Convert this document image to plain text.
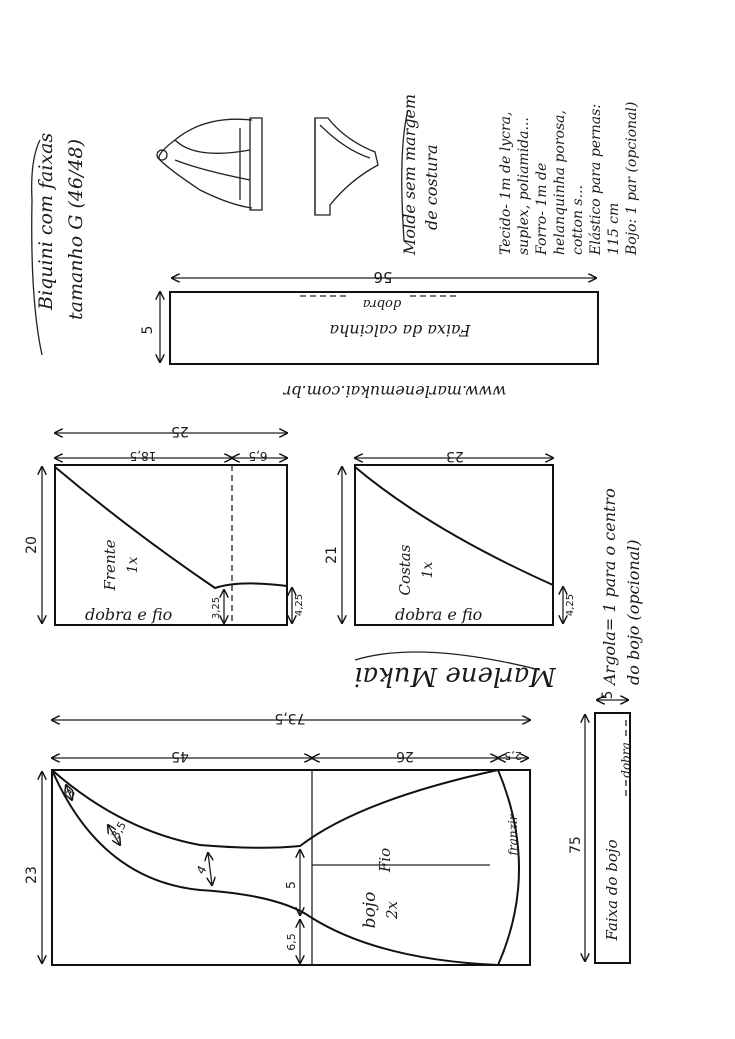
Biquini com faixas tamanho G (46/48)	Molde sem margem de costura	Tecido- 1m de lycra, suplex, poliamida... Forro- 1m de helanquinha porosa, cotton s... Elástico para pernas: 115 cm Bojo: 1 par (opcional)
56
5
dobra
Faixa da calcinha
www.marlenemukai.com.br
25
18,5	6,5
20	Frente 1x
dobra e fio	3,25	4,25
23
21	Costas 1x
dobra e fio	4,25 Argola= 1 para o centro do bojo (opcional)
Marlene Mukai
73,5
45	26	2,5
23
3
3,5
4
5
6,5
Fio
bojo 2x
franzir	75
5
Faixa do bojo
dobra
